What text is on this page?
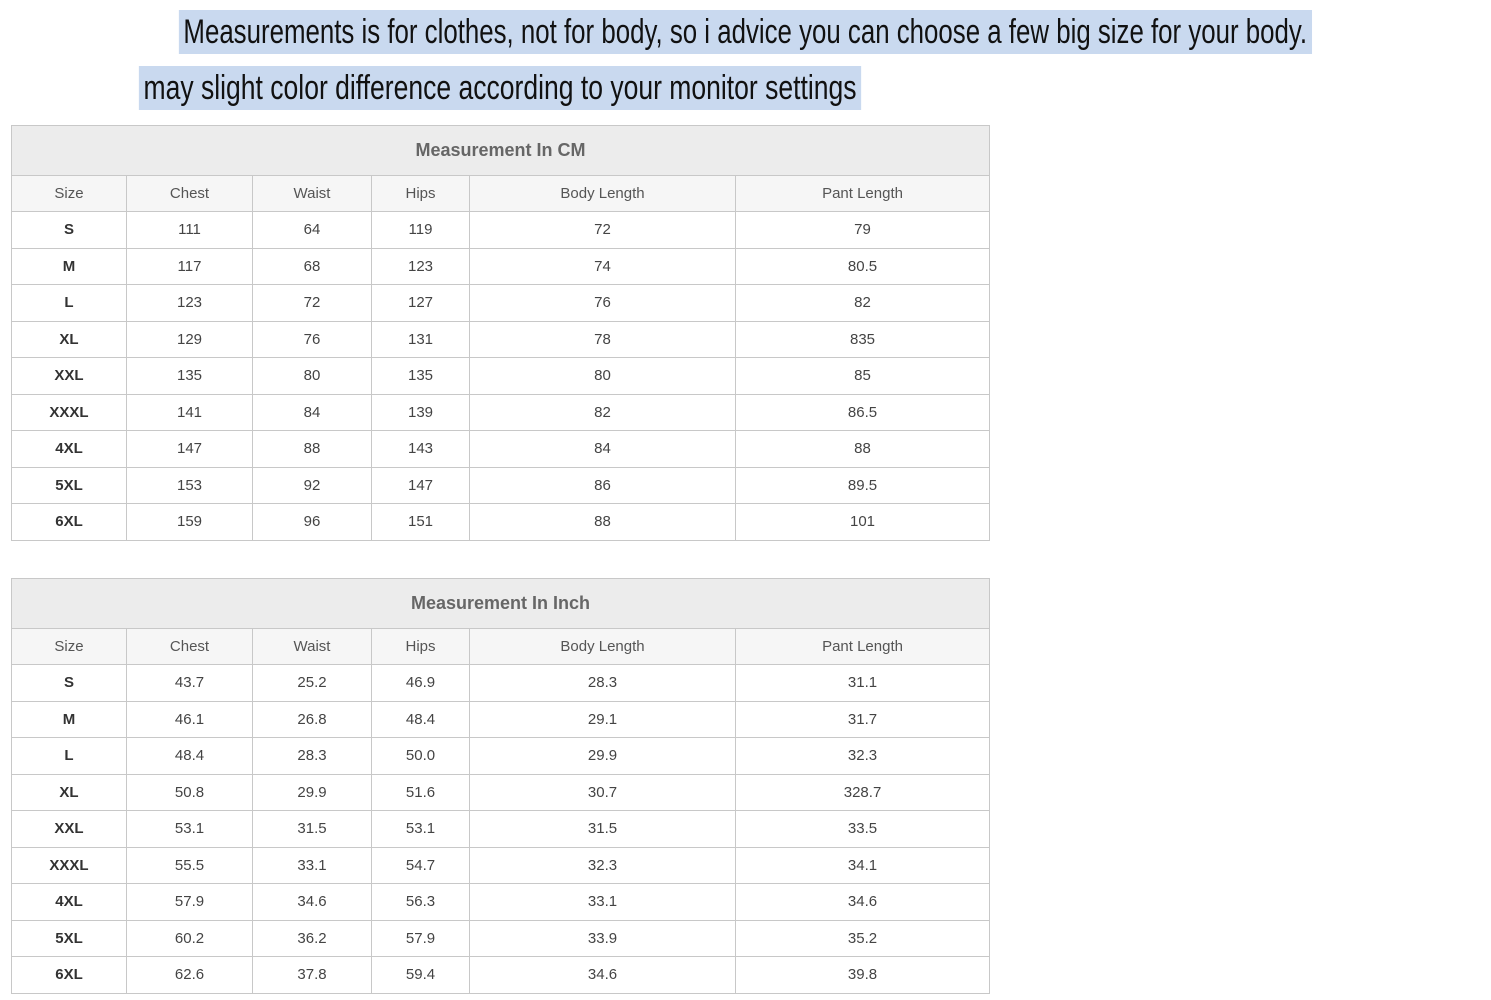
Measurements is for clothes, not for body, so i advice you can choose a few big size for your body.
may slight color difference according to your monitor settings
Measurement In CM					
Size	Chest	Waist	Hips	Body Length	Pant Length
S	111	64	119	72	79
M	117	68	123	74	80.5
L	123	72	127	76	82
XL	129	76	131	78	835
XXL	135	80	135	80	85
XXXL	141	84	139	82	86.5
4XL	147	88	143	84	88
5XL	153	92	147	86	89.5
6XL	159	96	151	88	101
Measurement In Inch					
Size	Chest	Waist	Hips	Body Length	Pant Length
S	43.7	25.2	46.9	28.3	31.1
M	46.1	26.8	48.4	29.1	31.7
L	48.4	28.3	50.0	29.9	32.3
XL	50.8	29.9	51.6	30.7	328.7
XXL	53.1	31.5	53.1	31.5	33.5
XXXL	55.5	33.1	54.7	32.3	34.1
4XL	57.9	34.6	56.3	33.1	34.6
5XL	60.2	36.2	57.9	33.9	35.2
6XL	62.6	37.8	59.4	34.6	39.8
